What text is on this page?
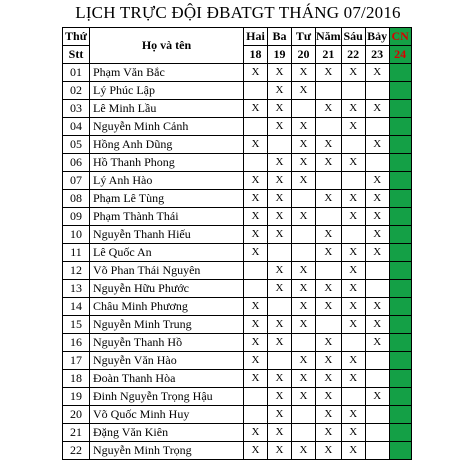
LỊCH TRỰC ĐỘI ĐBATGT THÁNG 07/2016
Thứ	Họ và tên	Hai	Ba	Tư	Năm	Sáu	Bảy	CN
Stt		18	19	20	21	22	23	24
01	Phạm Văn Bắc	X	X	X	X	X	X	
02	Lý Phúc Lập		X	X				
03	Lê Minh Lầu	X	X		X	X	X	
04	Nguyễn Minh Cảnh		X	X		X		
05	Hồng Anh Dũng	X		X	X		X	
06	Hồ Thanh Phong		X	X	X	X		
07	Lý Anh Hào	X	X	X			X	
08	Phạm Lê Tùng	X	X		X	X	X	
09	Phạm Thành Thái	X	X	X		X	X	
10	Nguyễn Thanh Hiếu	X	X		X		X	
11	Lê Quốc An	X			X	X	X	
12	Võ Phan Thái Nguyên		X	X		X		
13	Nguyễn Hữu Phước		X	X	X	X		
14	Châu Minh Phương	X		X	X	X	X	
15	Nguyễn Minh Trung	X	X	X		X	X	
16	Nguyễn Thanh Hồ	X	X		X		X	
17	Nguyễn Văn Hào	X		X	X	X		
18	Đoàn Thanh Hòa	X	X	X	X	X		
19	Đinh Nguyễn Trọng Hậu		X	X	X		X	
20	Võ Quốc Minh Huy		X		X	X		
21	Đặng Văn Kiên	X	X		X	X		
22	Nguyễn Minh Trọng	X	X	X	X	X		
